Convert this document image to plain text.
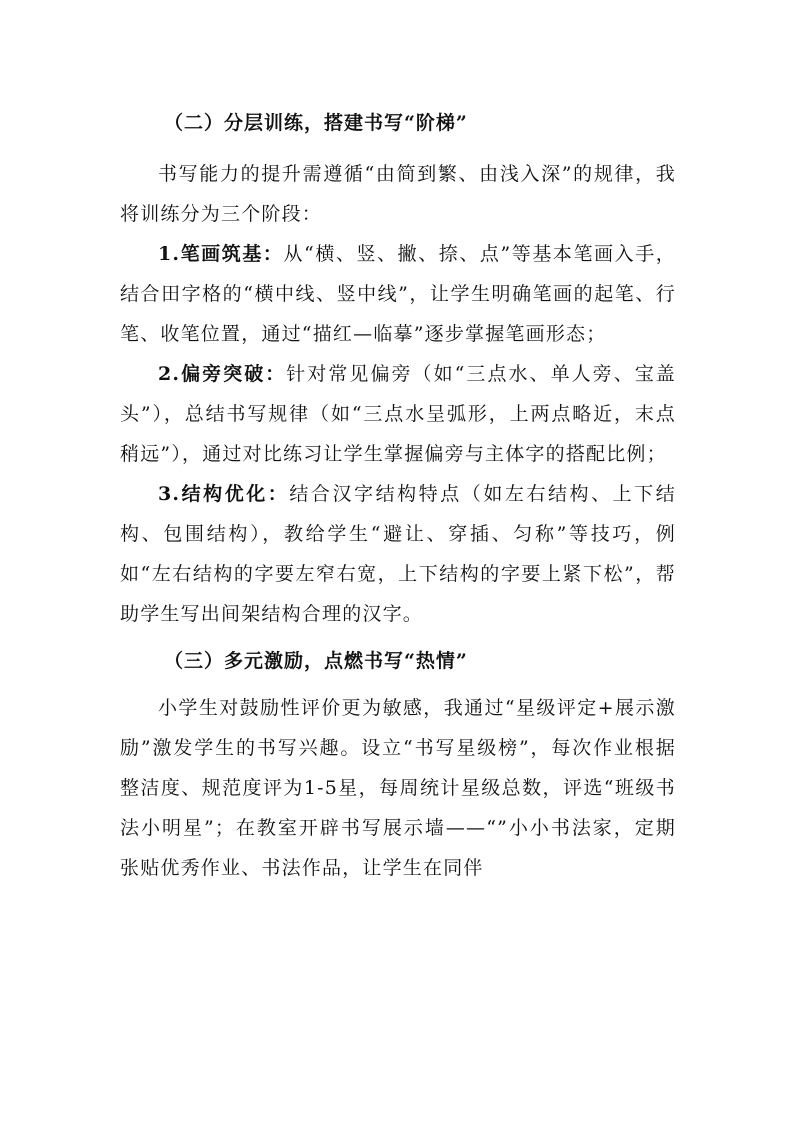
（二）分层训练，搭建书写“阶梯”

书写能力的提升需遵循“由简到繁、由浅入深”的规律，我将训练分为三个阶段：

1.笔画筑基：从“横、竖、撇、捺、点”等基本笔画入手，结合田字格的“横中线、竖中线”，让学生明确笔画的起笔、行笔、收笔位置，通过“描红—临摹”逐步掌握笔画形态；

2.偏旁突破：针对常见偏旁（如“三点水、单人旁、宝盖头”），总结书写规律（如“三点水呈弧形，上两点略近，末点稍远”），通过对比练习让学生掌握偏旁与主体字的搭配比例；

3.结构优化：结合汉字结构特点（如左右结构、上下结构、包围结构），教给学生“避让、穿插、匀称”等技巧，例如“左右结构的字要左窄右宽，上下结构的字要上紧下松”，帮助学生写出间架结构合理的汉字。

（三）多元激励，点燃书写“热情”

小学生对鼓励性评价更为敏感，我通过“星级评定+展示激励”激发学生的书写兴趣。设立“书写星级榜”，每次作业根据整洁度、规范度评为1-5星，每周统计星级总数，评选“班级书法小明星”；在教室开辟书写展示墙——“”小小书法家，定期张贴优秀作业、书法作品，让学生在同伴
